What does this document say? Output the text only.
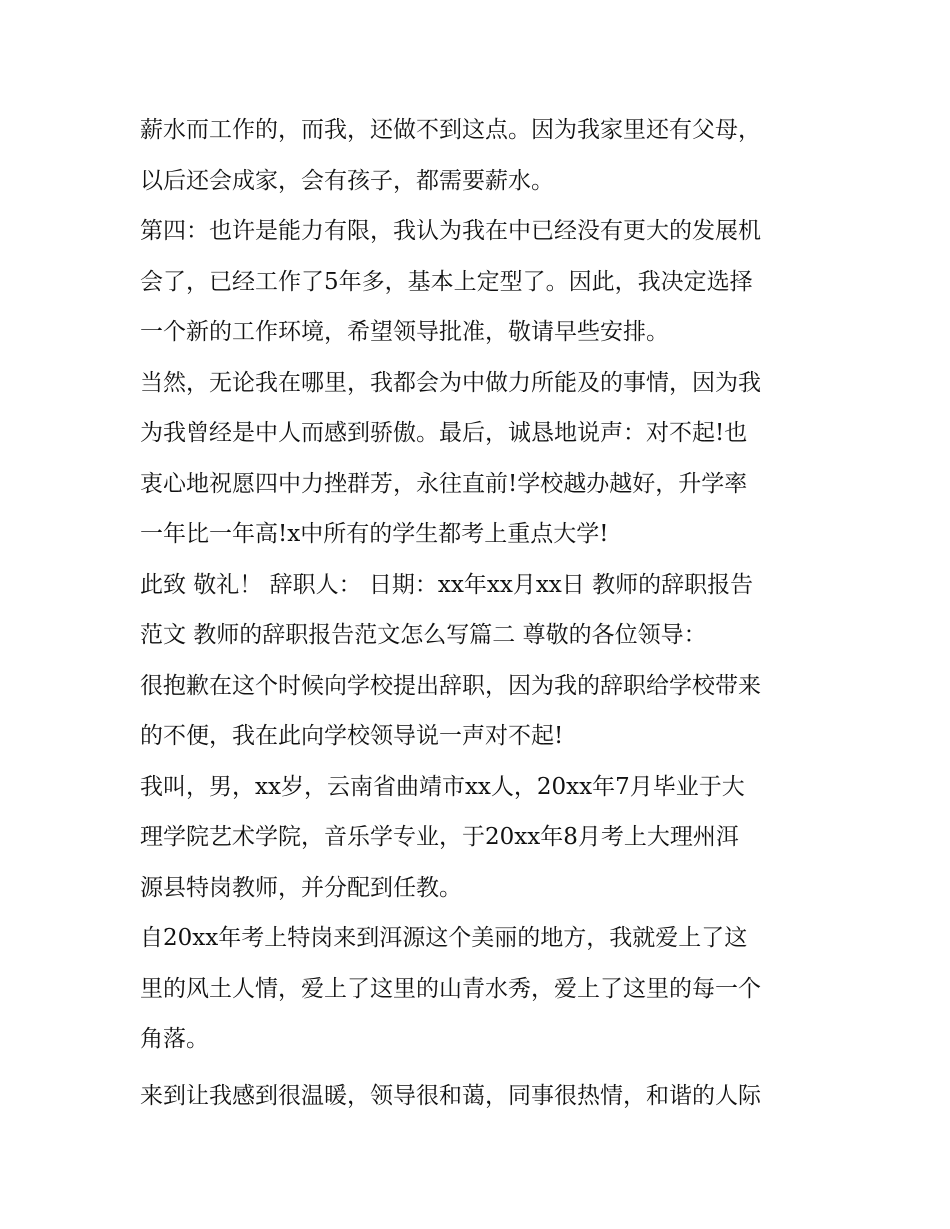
薪水而工作的，而我，还做不到这点。因为我家里还有父母，
以后还会成家，会有孩子，都需要薪水。
第四：也许是能力有限，我认为我在中已经没有更大的发展机
会了，已经工作了5年多，基本上定型了。因此，我决定选择
一个新的工作环境，希望领导批准，敬请早些安排。
当然，无论我在哪里，我都会为中做力所能及的事情，因为我
为我曾经是中人而感到骄傲。最后，诚恳地说声：对不起!也
衷心地祝愿四中力挫群芳，永往直前!学校越办越好，升学率
一年比一年高!x中所有的学生都考上重点大学!
此致 敬礼！ 辞职人： 日期：xx年xx月xx日 教师的辞职报告
范文 教师的辞职报告范文怎么写篇二 尊敬的各位领导：
很抱歉在这个时候向学校提出辞职，因为我的辞职给学校带来
的不便，我在此向学校领导说一声对不起!
我叫，男，xx岁，云南省曲靖市xx人，20xx年7月毕业于大
理学院艺术学院，音乐学专业，于20xx年8月考上大理州洱
源县特岗教师，并分配到任教。
自20xx年考上特岗来到洱源这个美丽的地方，我就爱上了这
里的风土人情，爱上了这里的山青水秀，爱上了这里的每一个
角落。
来到让我感到很温暖，领导很和蔼，同事很热情，和谐的人际
